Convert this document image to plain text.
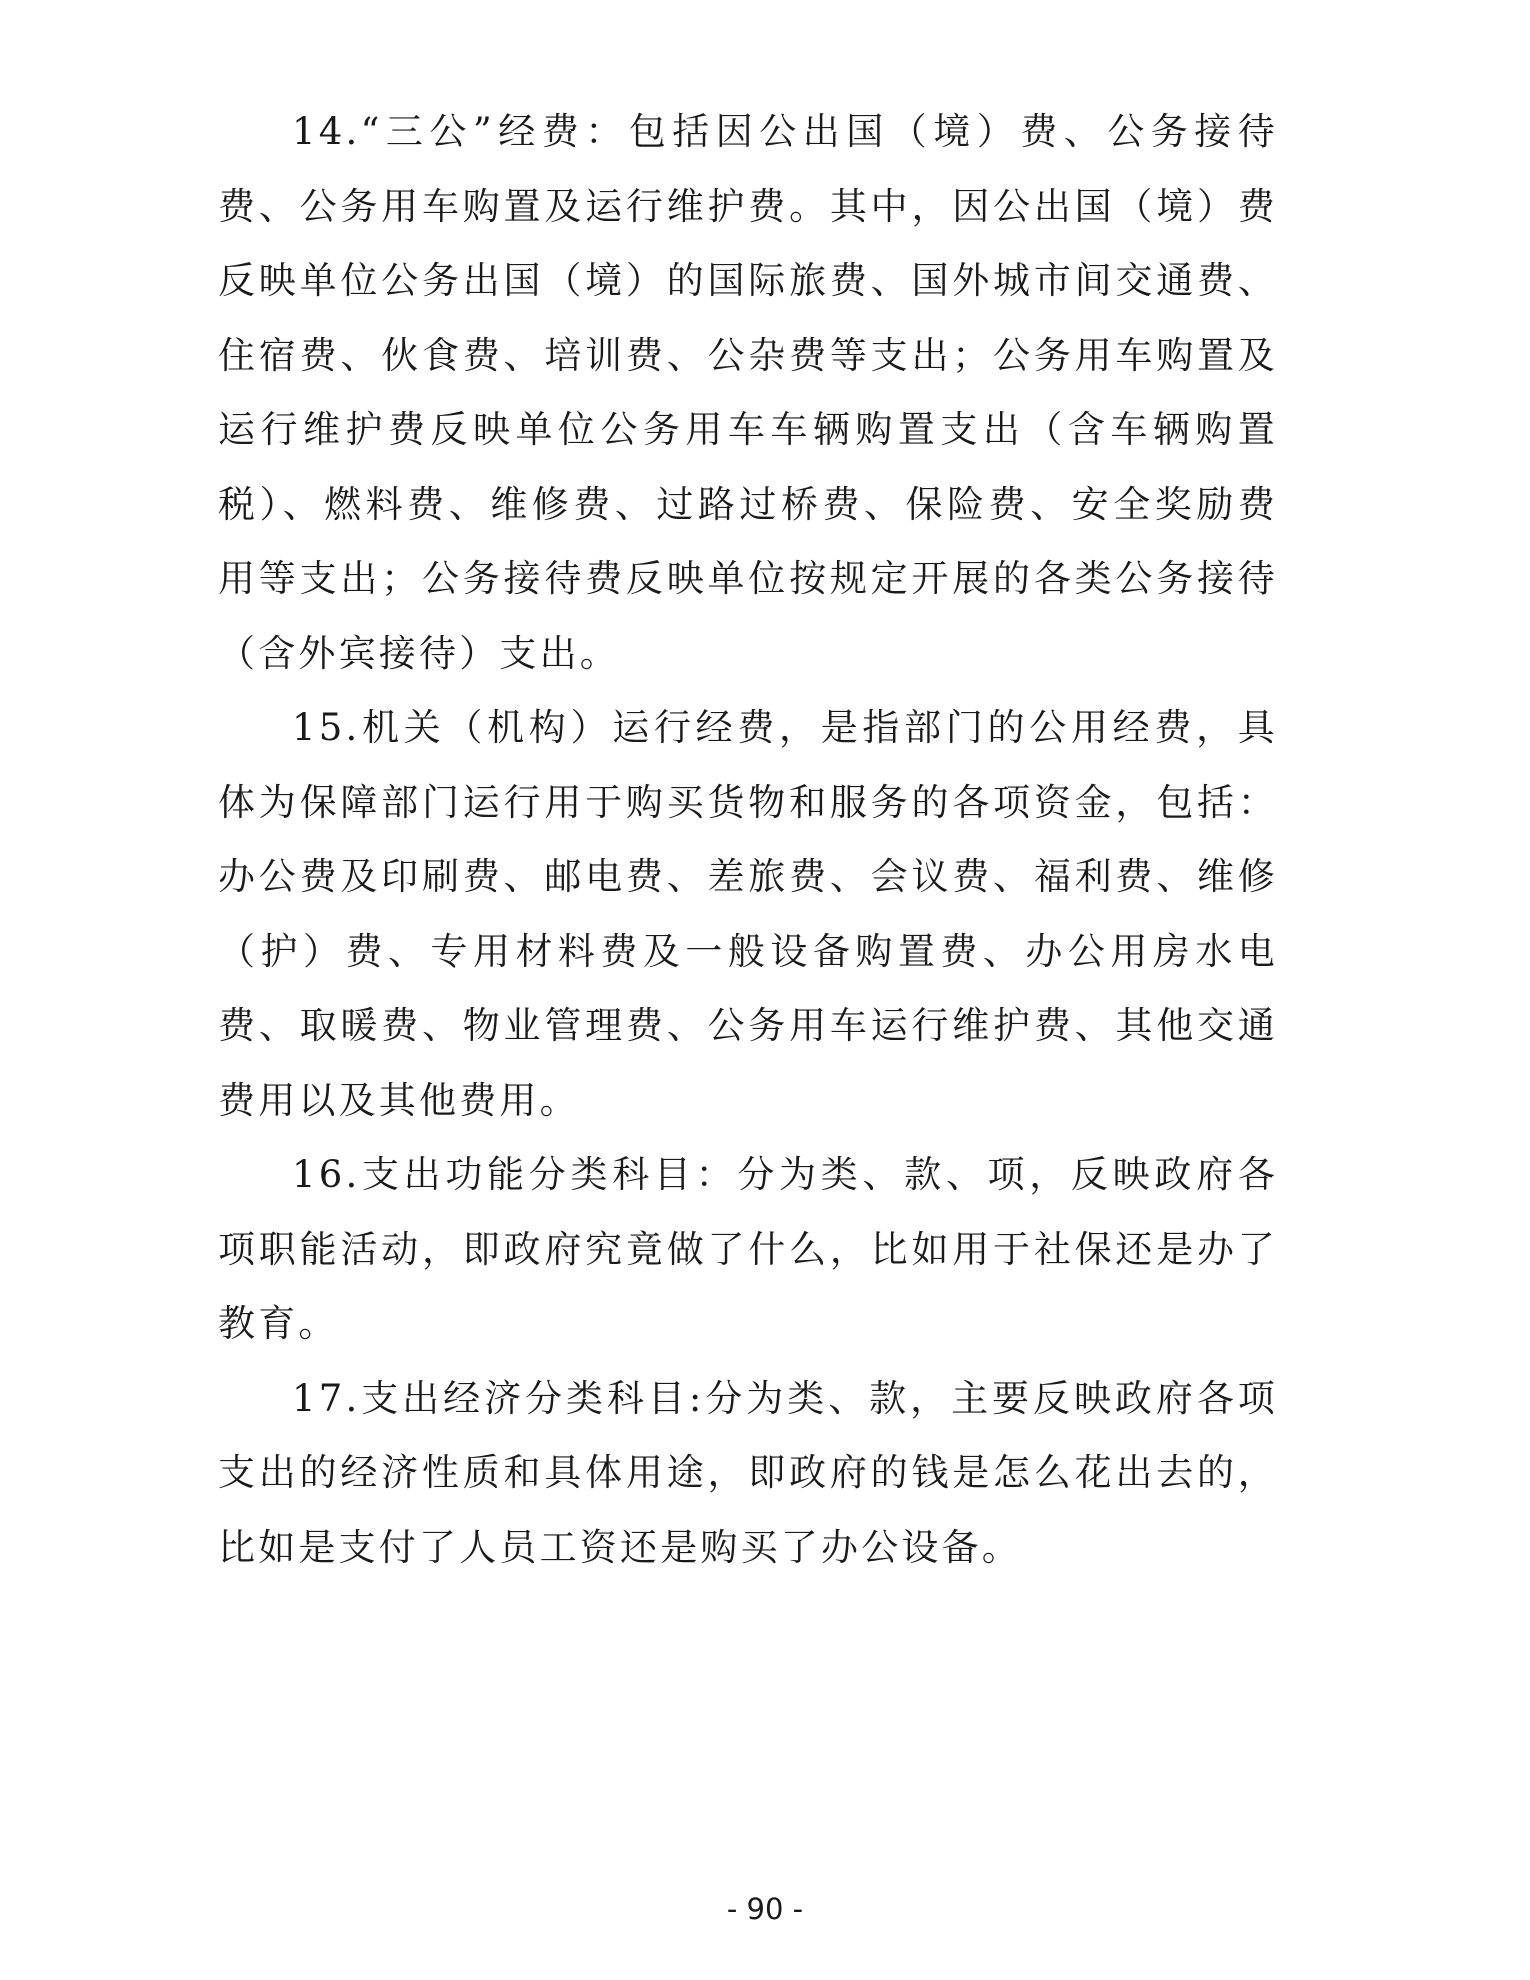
14.“三公”经费：包括因公出国（境）费、公务接待费、公务用车购置及运行维护费。其中，因公出国（境）费反映单位公务出国（境）的国际旅费、国外城市间交通费、住宿费、伙食费、培训费、公杂费等支出；公务用车购置及运行维护费反映单位公务用车车辆购置支出（含车辆购置税）、燃料费、维修费、过路过桥费、保险费、安全奖励费用等支出；公务接待费反映单位按规定开展的各类公务接待（含外宾接待）支出。

15.机关（机构）运行经费，是指部门的公用经费，具体为保障部门运行用于购买货物和服务的各项资金，包括：办公费及印刷费、邮电费、差旅费、会议费、福利费、维修（护）费、专用材料费及一般设备购置费、办公用房水电费、取暖费、物业管理费、公务用车运行维护费、其他交通费用以及其他费用。

16.支出功能分类科目：分为类、款、项，反映政府各项职能活动，即政府究竟做了什么，比如用于社保还是办了教育。

17.支出经济分类科目:分为类、款，主要反映政府各项支出的经济性质和具体用途，即政府的钱是怎么花出去的，比如是支付了人员工资还是购买了办公设备。

- 90 -
